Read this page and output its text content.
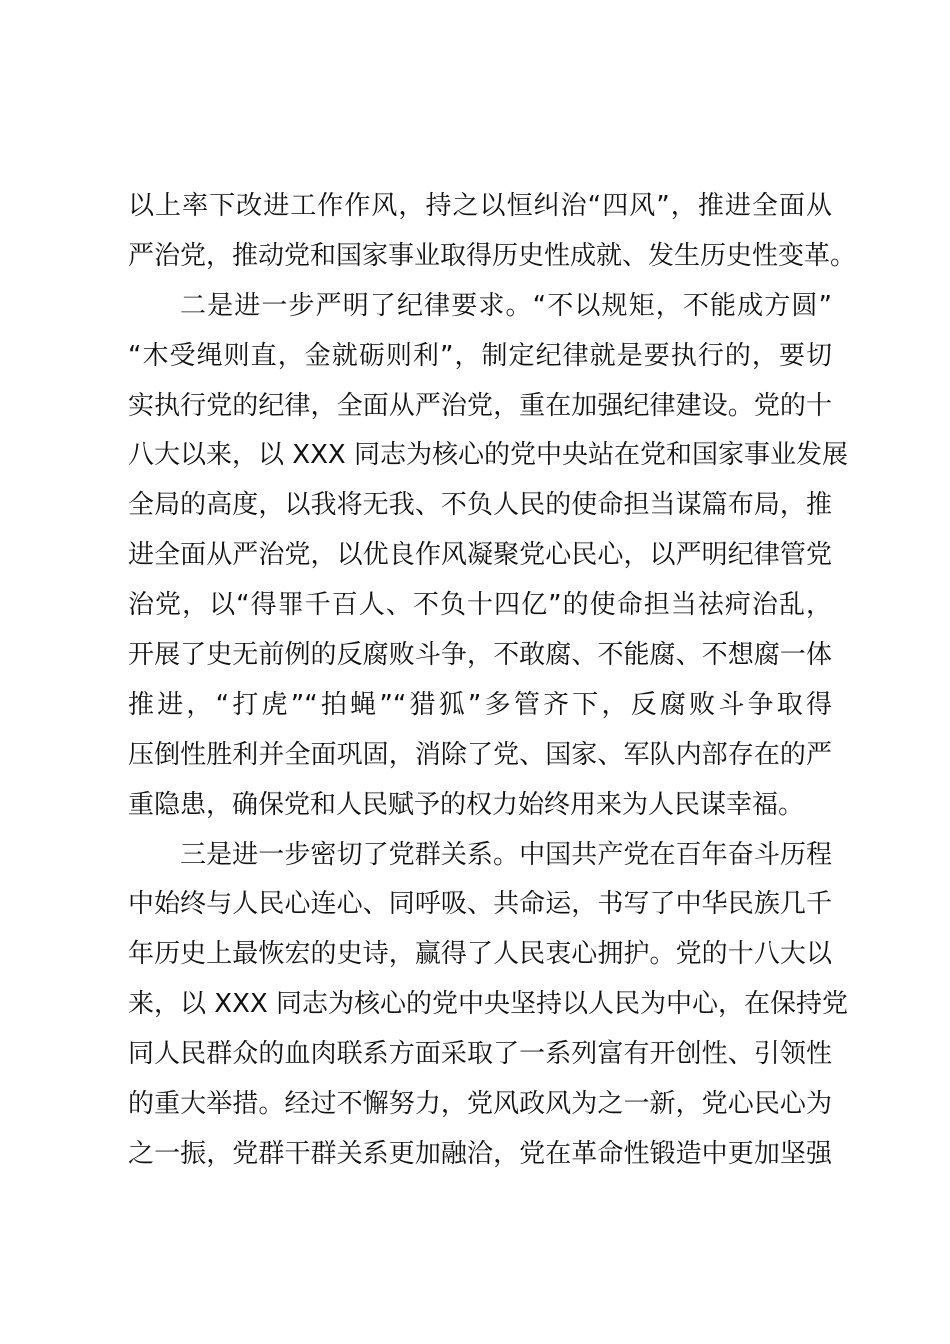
以上率下改进工作作风，持之以恒纠治“四风”，推进全面从
严治党，推动党和国家事业取得历史性成就、发生历史性变革。
二是进一步严明了纪律要求。“不以规矩，不能成方圆”
“木受绳则直，金就砺则利”，制定纪律就是要执行的，要切
实执行党的纪律，全面从严治党，重在加强纪律建设。党的十
八大以来，以 XXX 同志为核心的党中央站在党和国家事业发展
全局的高度，以我将无我、不负人民的使命担当谋篇布局，推
进全面从严治党，以优良作风凝聚党心民心，以严明纪律管党
治党，以“得罪千百人、不负十四亿”的使命担当祛疴治乱，
开展了史无前例的反腐败斗争，不敢腐、不能腐、不想腐一体
推进，“打虎”“拍蝇”“猎狐”多管齐下，反腐败斗争取得
压倒性胜利并全面巩固，消除了党、国家、军队内部存在的严
重隐患，确保党和人民赋予的权力始终用来为人民谋幸福。
三是进一步密切了党群关系。中国共产党在百年奋斗历程
中始终与人民心连心、同呼吸、共命运，书写了中华民族几千
年历史上最恢宏的史诗，赢得了人民衷心拥护。党的十八大以
来，以 XXX 同志为核心的党中央坚持以人民为中心，在保持党
同人民群众的血肉联系方面采取了一系列富有开创性、引领性
的重大举措。经过不懈努力，党风政风为之一新，党心民心为
之一振，党群干群关系更加融洽，党在革命性锻造中更加坚强
